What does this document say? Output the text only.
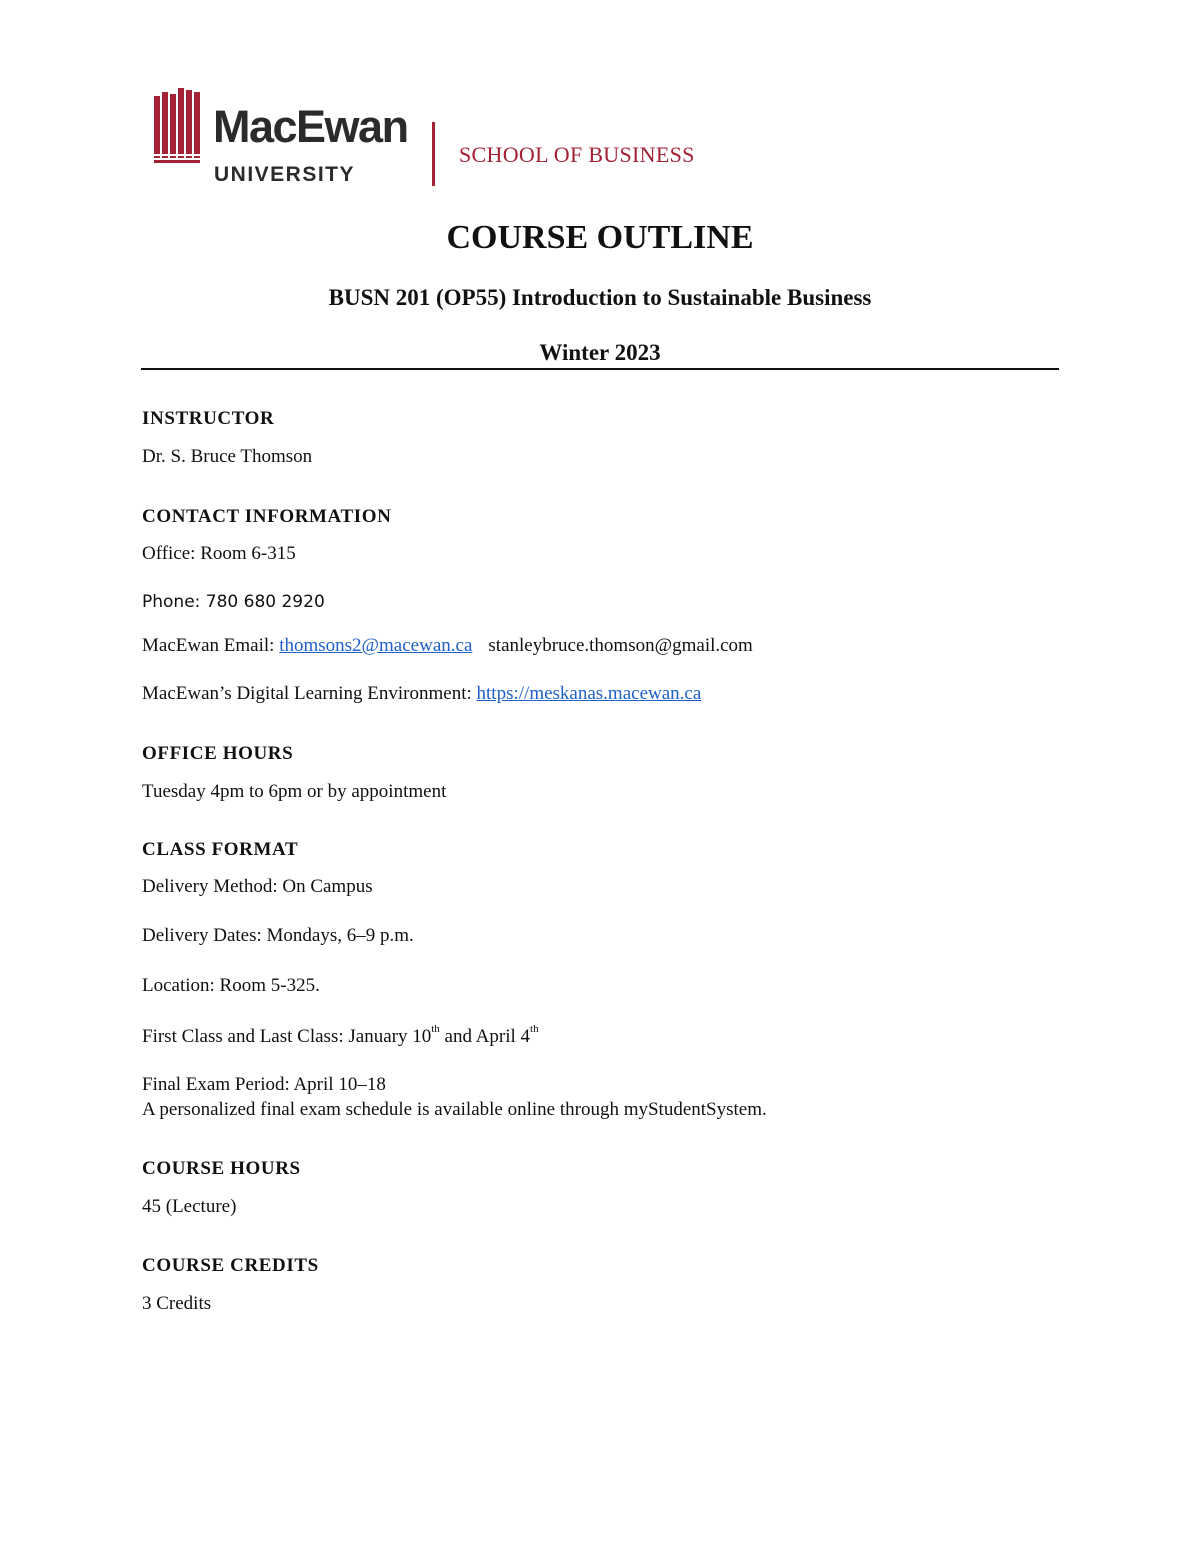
MacEwan
UNIVERSITY
SCHOOL OF BUSINESS
COURSE OUTLINE
BUSN 201 (OP55) Introduction to Sustainable Business
Winter 2023
INSTRUCTOR
Dr. S. Bruce Thomson
CONTACT INFORMATION
Office: Room 6-315
Phone: 780 680 2920
MacEwan Email: thomsons2@macewan.ca stanleybruce.thomson@gmail.com
MacEwan’s Digital Learning Environment: https://meskanas.macewan.ca
OFFICE HOURS
Tuesday 4pm to 6pm or by appointment
CLASS FORMAT
Delivery Method: On Campus
Delivery Dates: Mondays, 6–9 p.m.
Location: Room 5-325.
First Class and Last Class: January 10th and April 4th
Final Exam Period: April 10–18
A personalized final exam schedule is available online through myStudentSystem.
COURSE HOURS
45 (Lecture)
COURSE CREDITS
3 Credits
